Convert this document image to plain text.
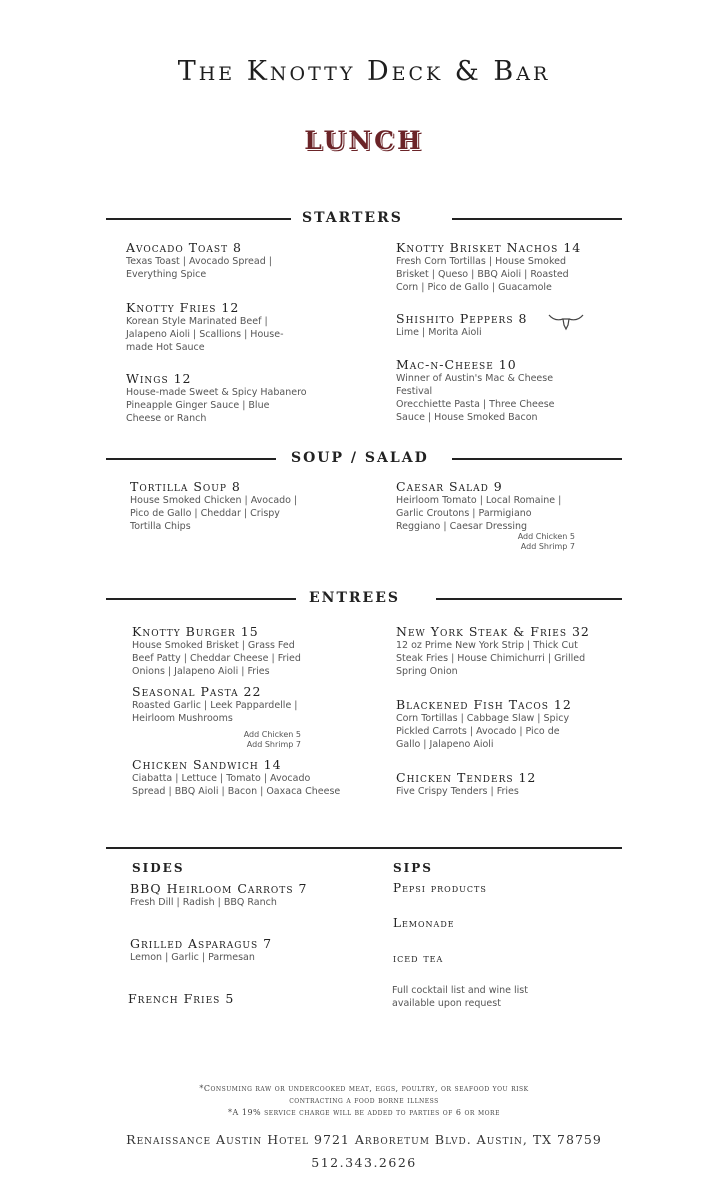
The Knotty Deck & Bar
LUNCH
STARTERS
Avocado Toast 8
Texas Toast | Avocado Spread |
Everything Spice
Knotty Fries 12
Korean Style Marinated Beef |
Jalapeno Aioli | Scallions | House-
made Hot Sauce
Wings 12
House-made Sweet & Spicy Habanero
Pineapple Ginger Sauce | Blue
Cheese or Ranch
Knotty Brisket Nachos 14
Fresh Corn Tortillas | House Smoked
Brisket | Queso | BBQ Aioli | Roasted
Corn | Pico de Gallo | Guacamole
Shishito Peppers 8
Lime | Morita Aioli
Mac-n-Cheese 10
Winner of Austin's Mac & Cheese
Festival
Orecchiette Pasta | Three Cheese
Sauce | House Smoked Bacon
SOUP / SALAD
Tortilla Soup 8
House Smoked Chicken | Avocado |
Pico de Gallo | Cheddar | Crispy
Tortilla Chips
Caesar Salad 9
Heirloom Tomato | Local Romaine |
Garlic Croutons | Parmigiano
Reggiano | Caesar Dressing
Add Chicken 5
Add Shrimp 7
ENTREES
Knotty Burger 15
House Smoked Brisket | Grass Fed
Beef Patty | Cheddar Cheese | Fried
Onions | Jalapeno Aioli | Fries
Seasonal Pasta 22
Roasted Garlic | Leek Pappardelle |
Heirloom Mushrooms
Add Chicken 5
Add Shrimp 7
Chicken Sandwich 14
Ciabatta | Lettuce | Tomato | Avocado
Spread | BBQ Aioli | Bacon | Oaxaca Cheese
New York Steak & Fries 32
12 oz Prime New York Strip | Thick Cut
Steak Fries | House Chimichurri | Grilled
Spring Onion
Blackened Fish Tacos 12
Corn Tortillas | Cabbage Slaw | Spicy
Pickled Carrots | Avocado | Pico de
Gallo | Jalapeno Aioli
Chicken Tenders 12
Five Crispy Tenders | Fries
SIDES	SIPS
BBQ Heirloom Carrots 7
Fresh Dill | Radish | BBQ Ranch
Grilled Asparagus 7
Lemon | Garlic | Parmesan
French Fries 5
Pepsi products
Lemonade
iced tea
Full cocktail list and wine list
available upon request
*Consuming raw or undercooked meat, eggs, poultry, or seafood you risk
contracting a food borne illness
*A 19% service charge will be added to parties of 6 or more
Renaissance Austin Hotel 9721 Arboretum Blvd. Austin, TX 78759
512.343.2626
